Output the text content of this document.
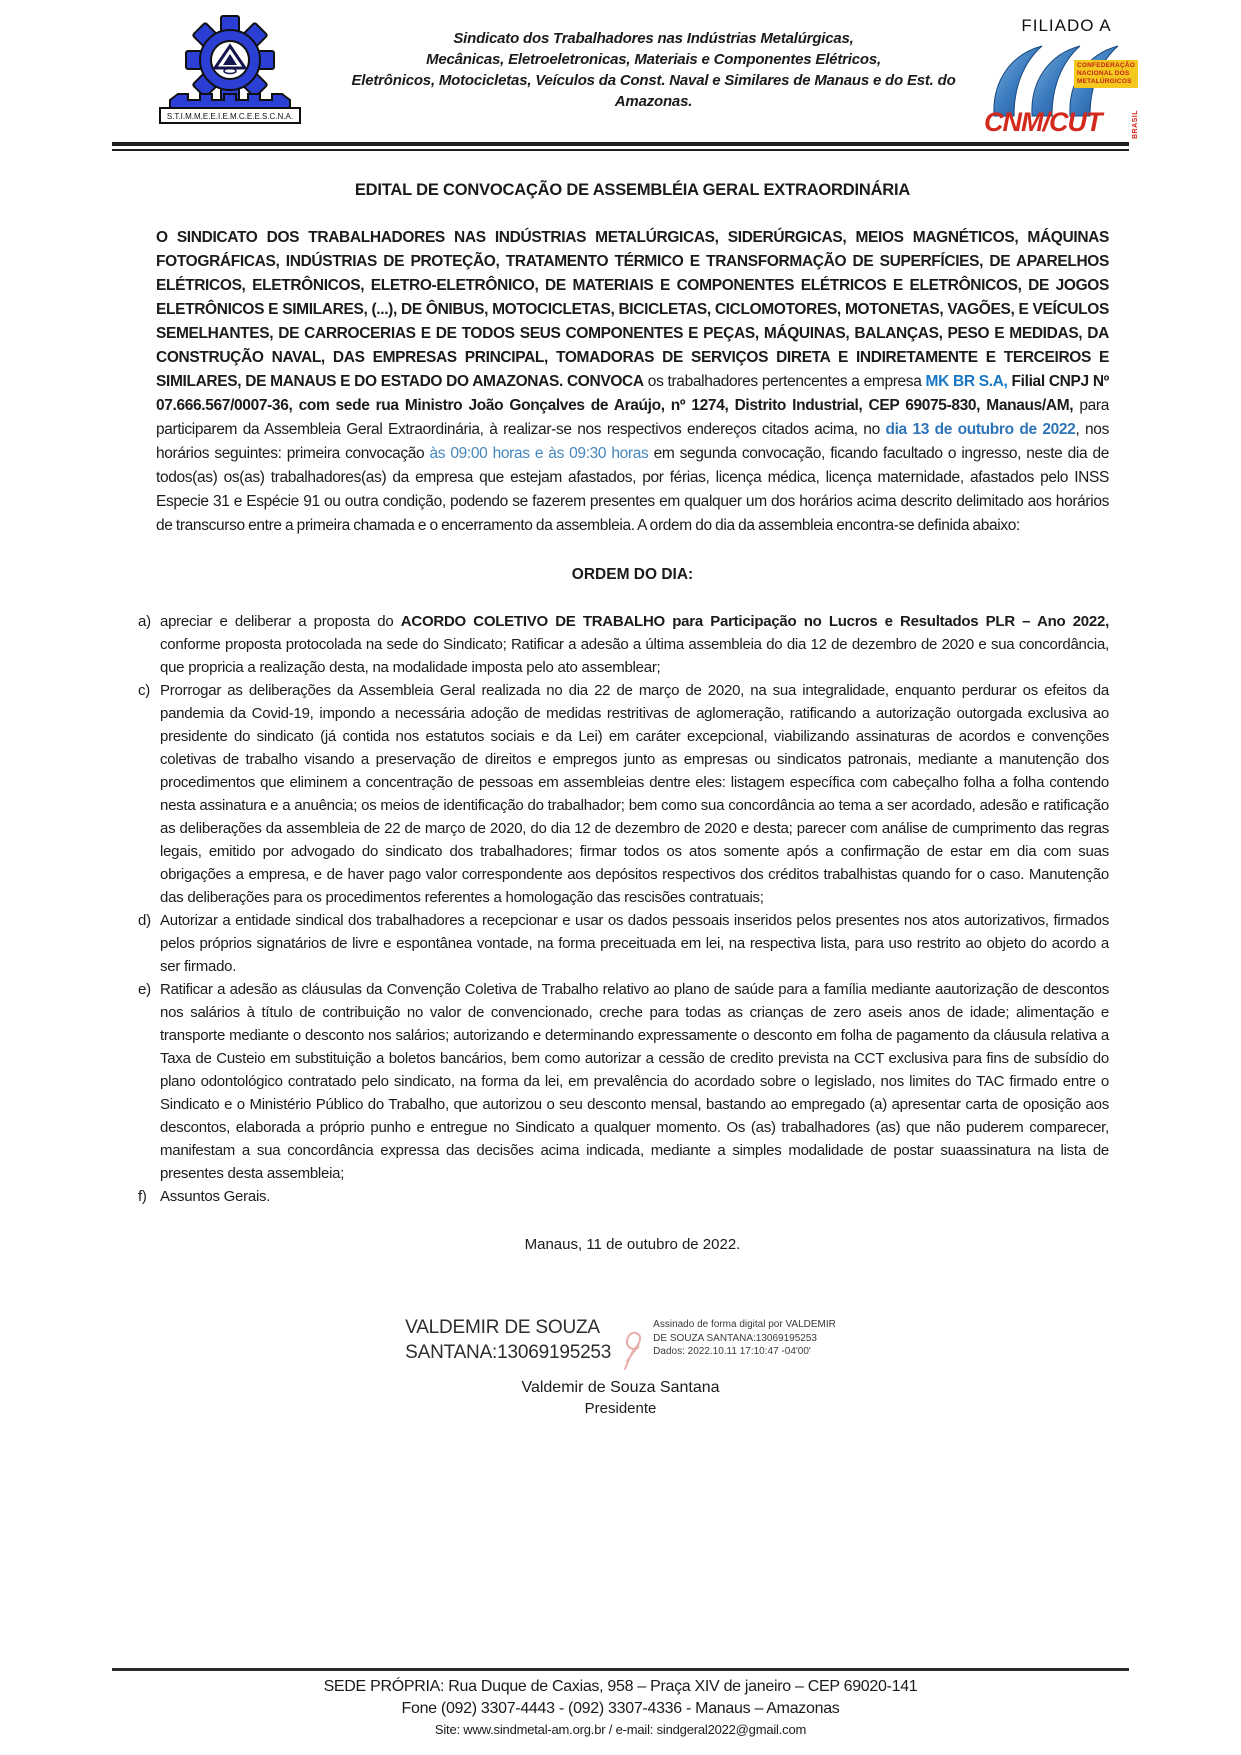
S.T.I.M.M.E.E.I.E.M.C.E.E.S.C.N.A.
Sindicato dos Trabalhadores nas Indústrias Metalúrgicas,
Mecânicas, Eletroeletronicas, Materiais e Componentes Elétricos,
Eletrônicos, Motocicletas, Veículos da Const. Naval e Similares de Manaus e do Est. do
Amazonas.
FILIADO A
CONFEDERAÇÃO
NACIONAL DOS
METALÚRGICOS
CNM/CUT	BRASIL
EDITAL DE CONVOCAÇÃO DE ASSEMBLÉIA GERAL EXTRAORDINÁRIA

O SINDICATO DOS TRABALHADORES NAS INDÚSTRIAS METALÚRGICAS, SIDERÚRGICAS, MEIOS MAGNÉTICOS, MÁQUINAS FOTOGRÁFICAS, INDÚSTRIAS DE PROTEÇÃO, TRATAMENTO TÉRMICO E TRANSFORMAÇÃO DE SUPERFÍCIES, DE APARELHOS ELÉTRICOS, ELETRÔNICOS, ELETRO-ELETRÔNICO, DE MATERIAIS E COMPONENTES ELÉTRICOS E ELETRÔNICOS, DE JOGOS ELETRÔNICOS E SIMILARES, (...), DE ÔNIBUS, MOTOCICLETAS, BICICLETAS, CICLOMOTORES, MOTONETAS, VAGÕES, E VEÍCULOS SEMELHANTES, DE CARROCERIAS E DE TODOS SEUS COMPONENTES E PEÇAS, MÁQUINAS, BALANÇAS, PESO E MEDIDAS, DA CONSTRUÇÃO NAVAL, DAS EMPRESAS PRINCIPAL, TOMADORAS DE SERVIÇOS DIRETA E INDIRETAMENTE E TERCEIROS E SIMILARES, DE MANAUS E DO ESTADO DO AMAZONAS. CONVOCA os trabalhadores pertencentes a empresa MK BR S.A, Filial CNPJ Nº 07.666.567/0007-36, com sede rua Ministro João Gonçalves de Araújo, nº 1274, Distrito Industrial, CEP 69075-830, Manaus/AM, para participarem da Assembleia Geral Extraordinária, à realizar-se nos respectivos endereços citados acima, no dia 13 de outubro de 2022, nos horários seguintes: primeira convocação às 09:00 horas e às 09:30 horas em segunda convocação, ficando facultado o ingresso, neste dia de todos(as) os(as) trabalhadores(as) da empresa que estejam afastados, por férias, licença médica, licença maternidade, afastados pelo INSS Especie 31 e Espécie 91 ou outra condição, podendo se fazerem presentes em qualquer um dos horários acima descrito delimitado aos horários de transcurso entre a primeira chamada e o encerramento da assembleia. A ordem do dia da assembleia encontra-se definida abaixo:

ORDEM DO DIA:
a) apreciar e deliberar a proposta do ACORDO COLETIVO DE TRABALHO para Participação no Lucros e Resultados PLR – Ano 2022, conforme proposta protocolada na sede do Sindicato; Ratificar a adesão a última assembleia do dia 12 de dezembro de 2020 e sua concordância, que propricia a realização desta, na modalidade imposta pelo ato assemblear;
c) Prorrogar as deliberações da Assembleia Geral realizada no dia 22 de março de 2020, na sua integralidade, enquanto perdurar os efeitos da pandemia da Covid-19, impondo a necessária adoção de medidas restritivas de aglomeração, ratificando a autorização outorgada exclusiva ao presidente do sindicato (já contida nos estatutos sociais e da Lei) em caráter excepcional, viabilizando assinaturas de acordos e convenções coletivas de trabalho visando a preservação de direitos e empregos junto as empresas ou sindicatos patronais, mediante a manutenção dos procedimentos que eliminem a concentração de pessoas em assembleias dentre eles: listagem específica com cabeçalho folha a folha contendo nesta assinatura e a anuência; os meios de identificação do trabalhador; bem como sua concordância ao tema a ser acordado, adesão e ratificação as deliberações da assembleia de 22 de março de 2020, do dia 12 de dezembro de 2020 e desta; parecer com análise de cumprimento das regras legais, emitido por advogado do sindicato dos trabalhadores; firmar todos os atos somente após a confirmação de estar em dia com suas obrigações a empresa, e de haver pago valor correspondente aos depósitos respectivos dos créditos trabalhistas quando for o caso. Manutenção das deliberações para os procedimentos referentes a homologação das rescisões contratuais;
d) Autorizar a entidade sindical dos trabalhadores a recepcionar e usar os dados pessoais inseridos pelos presentes nos atos autorizativos, firmados pelos próprios signatários de livre e espontânea vontade, na forma preceituada em lei, na respectiva lista, para uso restrito ao objeto do acordo a ser firmado.
e) Ratificar a adesão as cláusulas da Convenção Coletiva de Trabalho relativo ao plano de saúde para a família mediante aautorização de descontos nos salários à título de contribuição no valor de convencionado, creche para todas as crianças de zero aseis anos de idade; alimentação e transporte mediante o desconto nos salários; autorizando e determinando expressamente o desconto em folha de pagamento da cláusula relativa a Taxa de Custeio em substituição a boletos bancários, bem como autorizar a cessão de credito prevista na CCT exclusiva para fins de subsídio do plano odontológico contratado pelo sindicato, na forma da lei, em prevalência do acordado sobre o legislado, nos limites do TAC firmado entre o Sindicato e o Ministério Público do Trabalho, que autorizou o seu desconto mensal, bastando ao empregado (a) apresentar carta de oposição aos descontos, elaborada a próprio punho e entregue no Sindicato a qualquer momento. Os (as) trabalhadores (as) que não puderem comparecer, manifestam a sua concordância expressa das decisões acima indicada, mediante a simples modalidade de postar suaassinatura na lista de presentes desta assembleia;
f) Assuntos Gerais.
Manaus, 11 de outubro de 2022.
VALDEMIR DE SOUZA
SANTANA:13069195253
Assinado de forma digital por VALDEMIR
DE SOUZA SANTANA:13069195253
Dados: 2022.10.11 17:10:47 -04'00'
Valdemir de Souza Santana
Presidente
SEDE PRÓPRIA: Rua Duque de Caxias, 958 – Praça XIV de janeiro – CEP 69020-141
Fone (092) 3307-4443 - (092) 3307-4336 - Manaus – Amazonas
Site: www.sindmetal-am.org.br / e-mail: sindgeral2022@gmail.com
